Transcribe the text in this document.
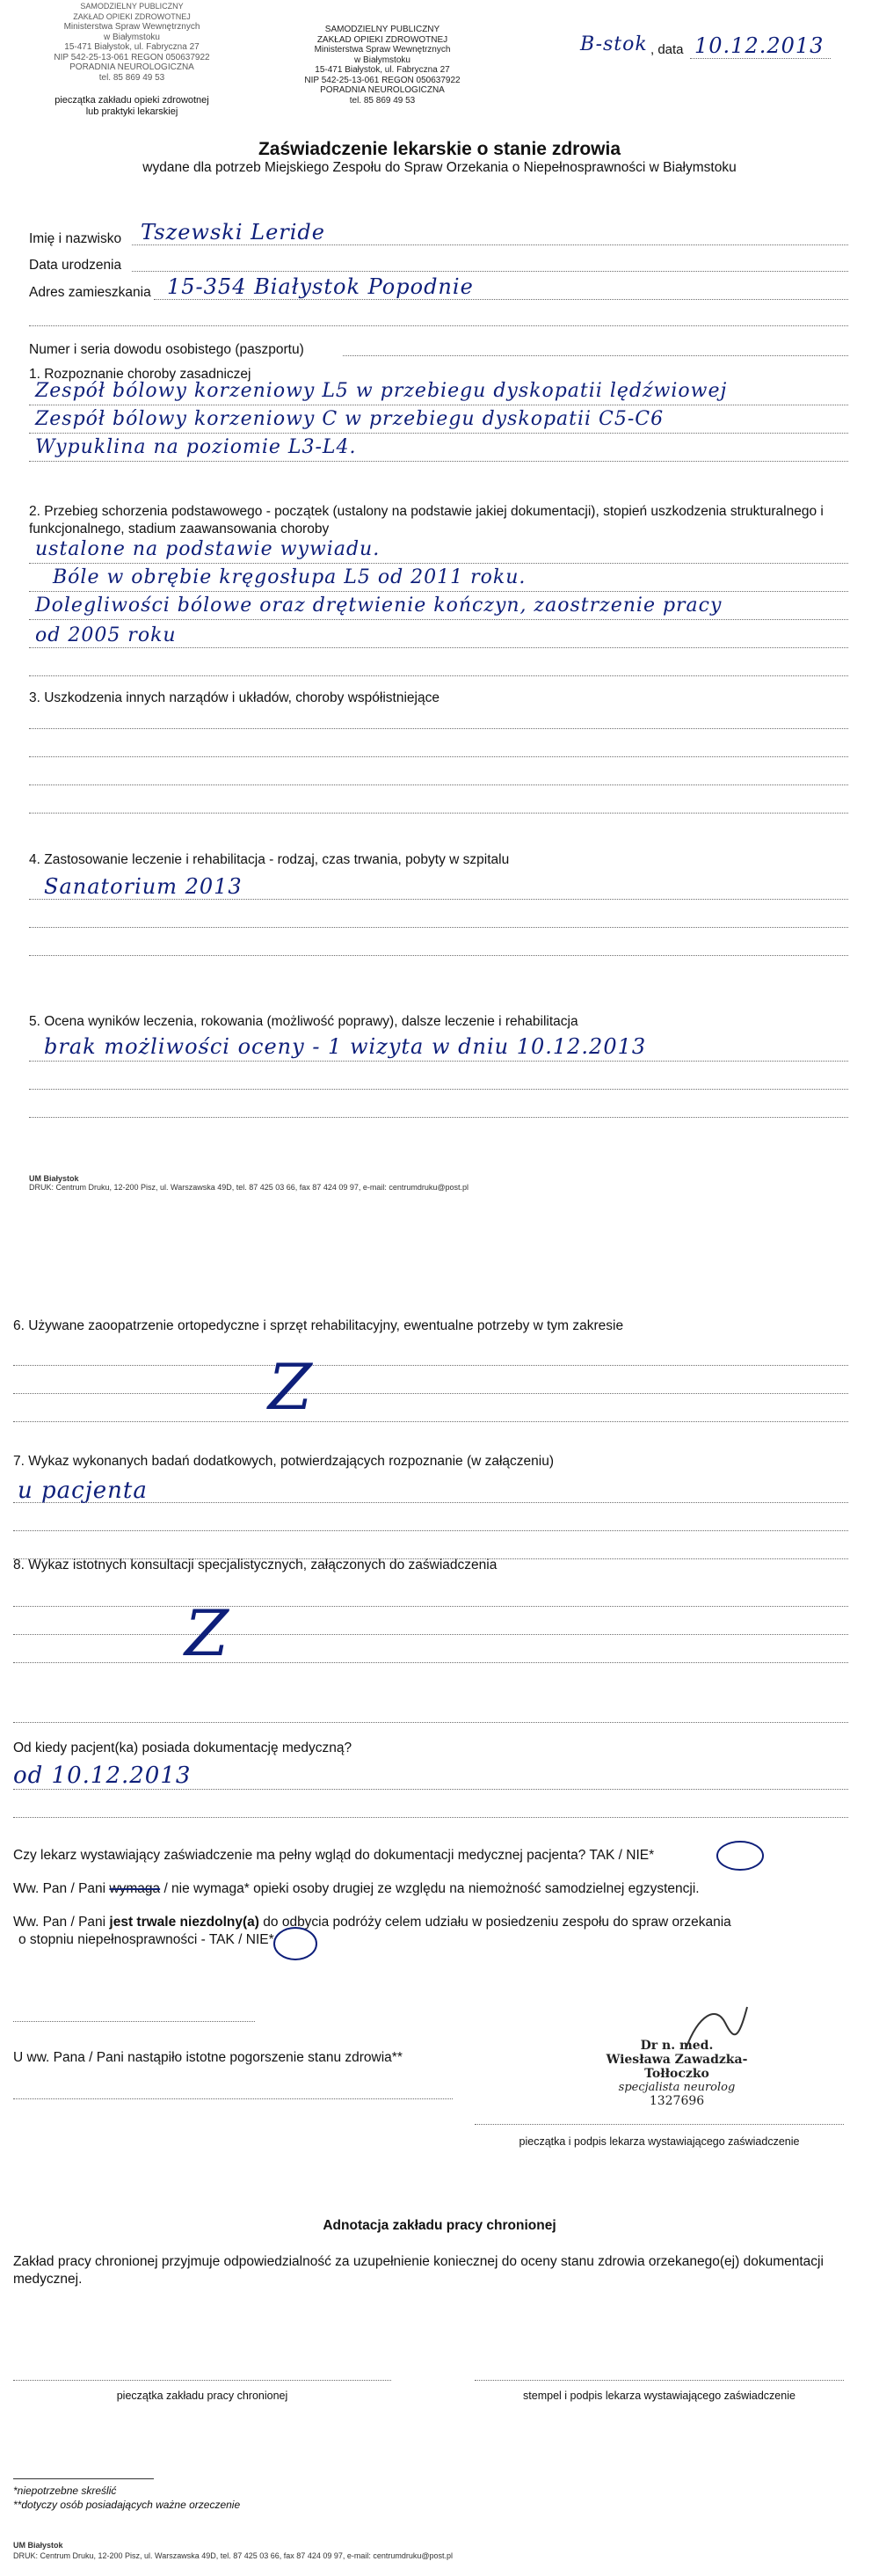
SAMODZIELNY PUBLICZNY
ZAKŁAD OPIEKI ZDROWOTNEJ
Ministerstwa Spraw Wewnętrznych
w Białymstoku
15-471 Białystok, ul. Fabryczna 27
NIP 542-25-13-061 REGON 050637922
PORADNIA NEUROLOGICZNA
tel. 85 869 49 53
pieczątka zakładu opieki zdrowotnej
lub praktyki lekarskiej
SAMODZIELNY PUBLICZNY
ZAKŁAD OPIEKI ZDROWOTNEJ
Ministerstwa Spraw Wewnętrznych
w Białymstoku
15-471 Białystok, ul. Fabryczna 27
NIP 542-25-13-061 REGON 050637922
PORADNIA NEUROLOGICZNA
tel. 85 869 49 53
B-stok , data 10.12.2013
Zaświadczenie lekarskie o stanie zdrowia
wydane dla potrzeb Miejskiego Zespołu do Spraw Orzekania o Niepełnosprawności w Białymstoku
Imię i nazwisko Tszewski Leride
Data urodzenia
Adres zamieszkania 15-354 Białystok Popodnie
Numer i seria dowodu osobistego (paszportu)
1. Rozpoznanie choroby zasadniczej
Zespół bólowy korzeniowy L5 w przebiegu dyskopatii lędźwiowej
Zespół bólowy korzeniowy C w przebiegu dyskopatii C5-C6
Wypuklina na poziomie L3-L4.
2. Przebieg schorzenia podstawowego - początek (ustalony na podstawie jakiej dokumentacji), stopień uszkodzenia strukturalnego i funkcjonalnego, stadium zaawansowania choroby
ustalone na podstawie wywiadu.
Bóle w obrębie kręgosłupa L5 od 2011 roku.
Dolegliwości bólowe oraz drętwienie kończyn, zaostrzenie pracy
od 2005 roku
3. Uszkodzenia innych narządów i układów, choroby współistniejące
4. Zastosowanie leczenie i rehabilitacja - rodzaj, czas trwania, pobyty w szpitalu
Sanatorium 2013
5. Ocena wyników leczenia, rokowania (możliwość poprawy), dalsze leczenie i rehabilitacja
brak możliwości oceny - 1 wizyta w dniu 10.12.2013
UM Białystok
DRUK: Centrum Druku, 12-200 Pisz, ul. Warszawska 49D, tel. 87 425 03 66, fax 87 424 09 97, e-mail: centrumdruku@post.pl
6. Używane zaoopatrzenie ortopedyczne i sprzęt rehabilitacyjny, ewentualne potrzeby w tym zakresie
Z
7. Wykaz wykonanych badań dodatkowych, potwierdzających rozpoznanie (w załączeniu)
u pacjenta
8. Wykaz istotnych konsultacji specjalistycznych, załączonych do zaświadczenia
Z
Od kiedy pacjent(ka) posiada dokumentację medyczną?
od 10.12.2013
Czy lekarz wystawiający zaświadczenie ma pełny wgląd do dokumentacji medycznej pacjenta? TAK / NIE*
Ww. Pan / Pani wymaga / nie wymaga* opieki osoby drugiej ze względu na niemożność samodzielnej egzystencji.
Ww. Pan / Pani jest trwale niezdolny(a) do odbycia podróży celem udziału w posiedzeniu zespołu do spraw orzekania
o stopniu niepełnosprawności - TAK / NIE*
U ww. Pana / Pani nastąpiło istotne pogorszenie stanu zdrowia**
Dr n. med.
Wiesława Zawadzka-Tołłoczko
specjalista neurolog
1327696
pieczątka i podpis lekarza wystawiającego zaświadczenie
Adnotacja zakładu pracy chronionej
Zakład pracy chronionej przyjmuje odpowiedzialność za uzupełnienie koniecznej do oceny stanu zdrowia orzekanego(ej) dokumentacji medycznej.
pieczątka zakładu pracy chronionej	stempel i podpis lekarza wystawiającego zaświadczenie
*niepotrzebne skreślić
**dotyczy osób posiadających ważne orzeczenie
UM Białystok
DRUK: Centrum Druku, 12-200 Pisz, ul. Warszawska 49D, tel. 87 425 03 66, fax 87 424 09 97, e-mail: centrumdruku@post.pl
